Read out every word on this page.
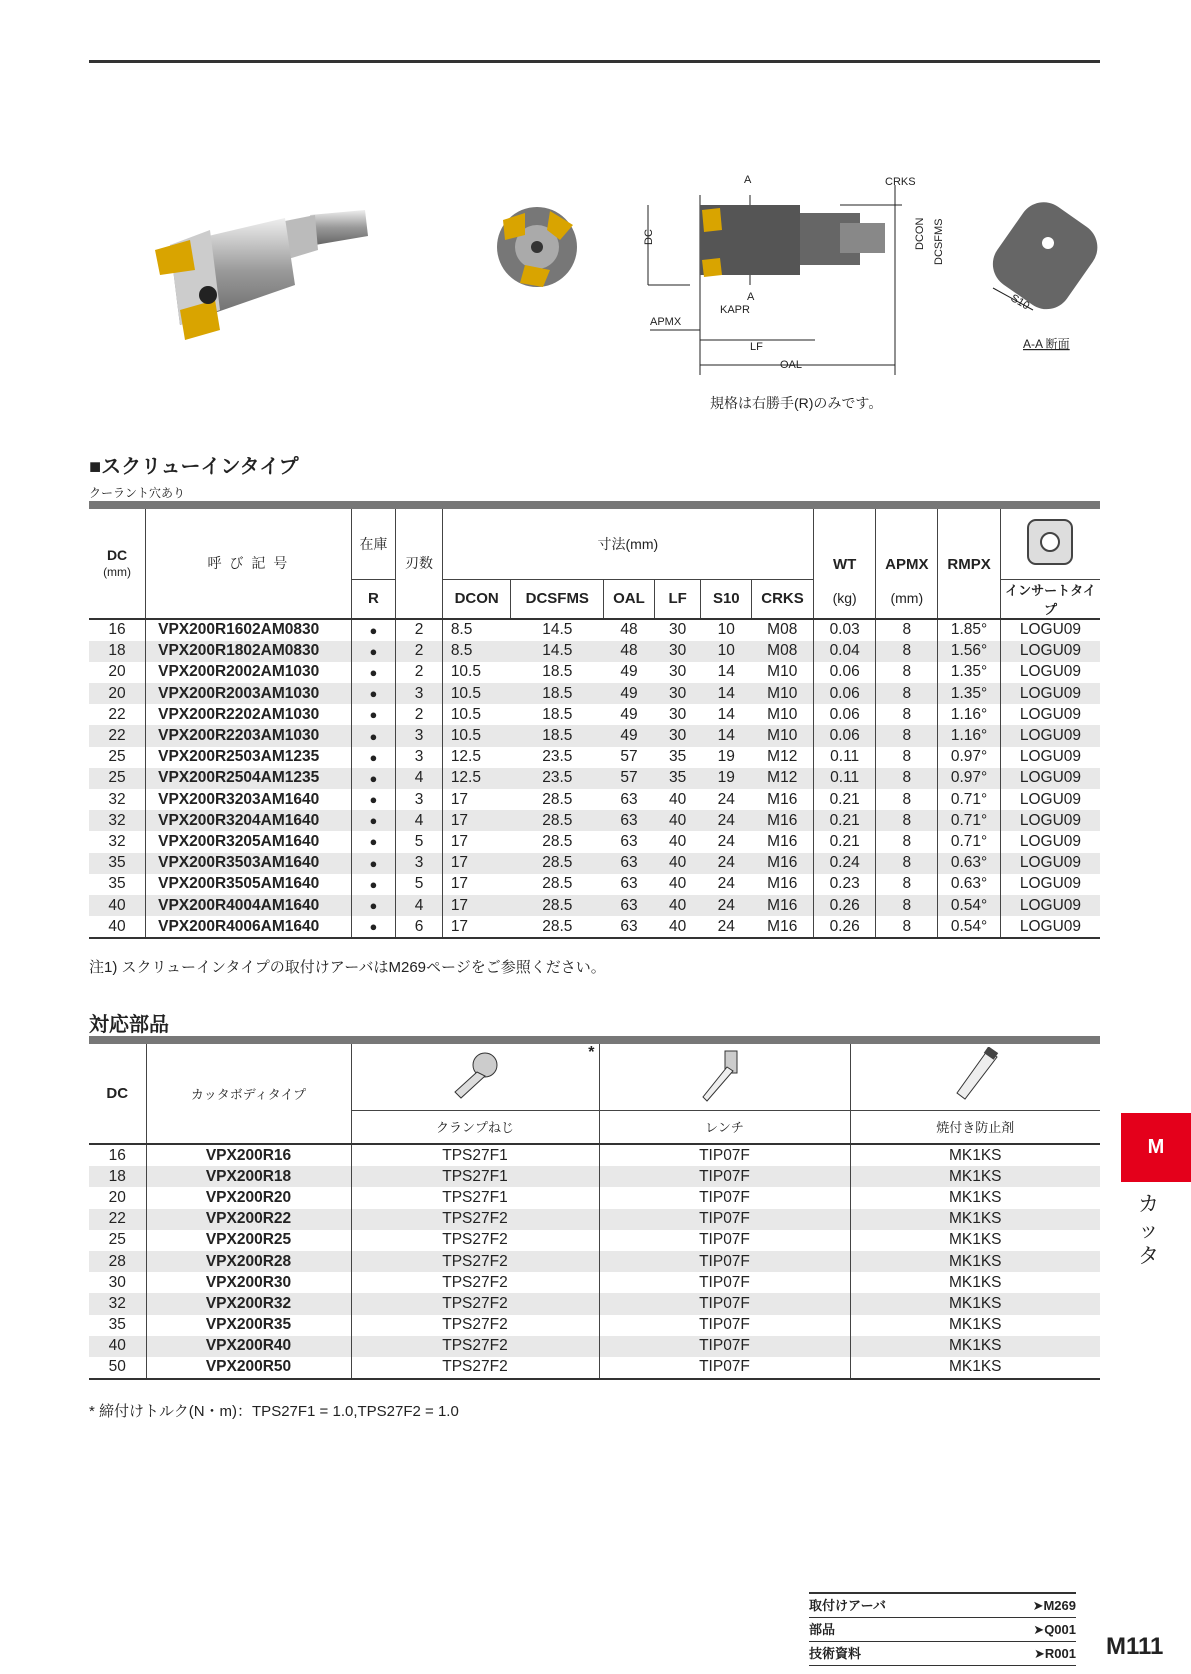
A	CRKS
DC	DCON DCSFMS
A
KAPR
APMX
LF
OAL
S10
A-A 断面
規格は右勝手(R)のみです。
■スクリューインタイプ
クーラント穴あり
DC
(mm)	呼 び 記 号	在庫	刃数	寸法(mm)						WT	APMX	RMPX	
		R		DCON	DCSFMS	OAL	LF	S10	CRKS	(kg)	(mm)		インサートタイプ
16	VPX200R1602AM0830	●	2	8.5	14.5	48	30	10	M08	0.03	8	1.85°	LOGU09
18	VPX200R1802AM0830	●	2	8.5	14.5	48	30	10	M08	0.04	8	1.56°	LOGU09
20	VPX200R2002AM1030	●	2	10.5	18.5	49	30	14	M10	0.06	8	1.35°	LOGU09
20	VPX200R2003AM1030	●	3	10.5	18.5	49	30	14	M10	0.06	8	1.35°	LOGU09
22	VPX200R2202AM1030	●	2	10.5	18.5	49	30	14	M10	0.06	8	1.16°	LOGU09
22	VPX200R2203AM1030	●	3	10.5	18.5	49	30	14	M10	0.06	8	1.16°	LOGU09
25	VPX200R2503AM1235	●	3	12.5	23.5	57	35	19	M12	0.11	8	0.97°	LOGU09
25	VPX200R2504AM1235	●	4	12.5	23.5	57	35	19	M12	0.11	8	0.97°	LOGU09
32	VPX200R3203AM1640	●	3	17	28.5	63	40	24	M16	0.21	8	0.71°	LOGU09
32	VPX200R3204AM1640	●	4	17	28.5	63	40	24	M16	0.21	8	0.71°	LOGU09
32	VPX200R3205AM1640	●	5	17	28.5	63	40	24	M16	0.21	8	0.71°	LOGU09
35	VPX200R3503AM1640	●	3	17	28.5	63	40	24	M16	0.24	8	0.63°	LOGU09
35	VPX200R3505AM1640	●	5	17	28.5	63	40	24	M16	0.23	8	0.63°	LOGU09
40	VPX200R4004AM1640	●	4	17	28.5	63	40	24	M16	0.26	8	0.54°	LOGU09
40	VPX200R4006AM1640	●	6	17	28.5	63	40	24	M16	0.26	8	0.54°	LOGU09
注1) スクリューインタイプの取付けアーバはM269ページをご参照ください。
対応部品
DC	カッタボディタイプ	*

		クランプねじ	レンチ	焼付き防止剤
16	VPX200R16	TPS27F1	TIP07F	MK1KS
18	VPX200R18	TPS27F1	TIP07F	MK1KS
20	VPX200R20	TPS27F1	TIP07F	MK1KS
22	VPX200R22	TPS27F2	TIP07F	MK1KS
25	VPX200R25	TPS27F2	TIP07F	MK1KS
28	VPX200R28	TPS27F2	TIP07F	MK1KS
30	VPX200R30	TPS27F2	TIP07F	MK1KS
32	VPX200R32	TPS27F2	TIP07F	MK1KS
35	VPX200R35	TPS27F2	TIP07F	MK1KS
40	VPX200R40	TPS27F2	TIP07F	MK1KS
50	VPX200R50	TPS27F2	TIP07F	MK1KS
* 締付けトルク(N・m)：TPS27F1 = 1.0,TPS27F2 = 1.0
M
カッタ
取付けアーバ	➤M269
部品	➤Q001
技術資料	➤R001 M111
